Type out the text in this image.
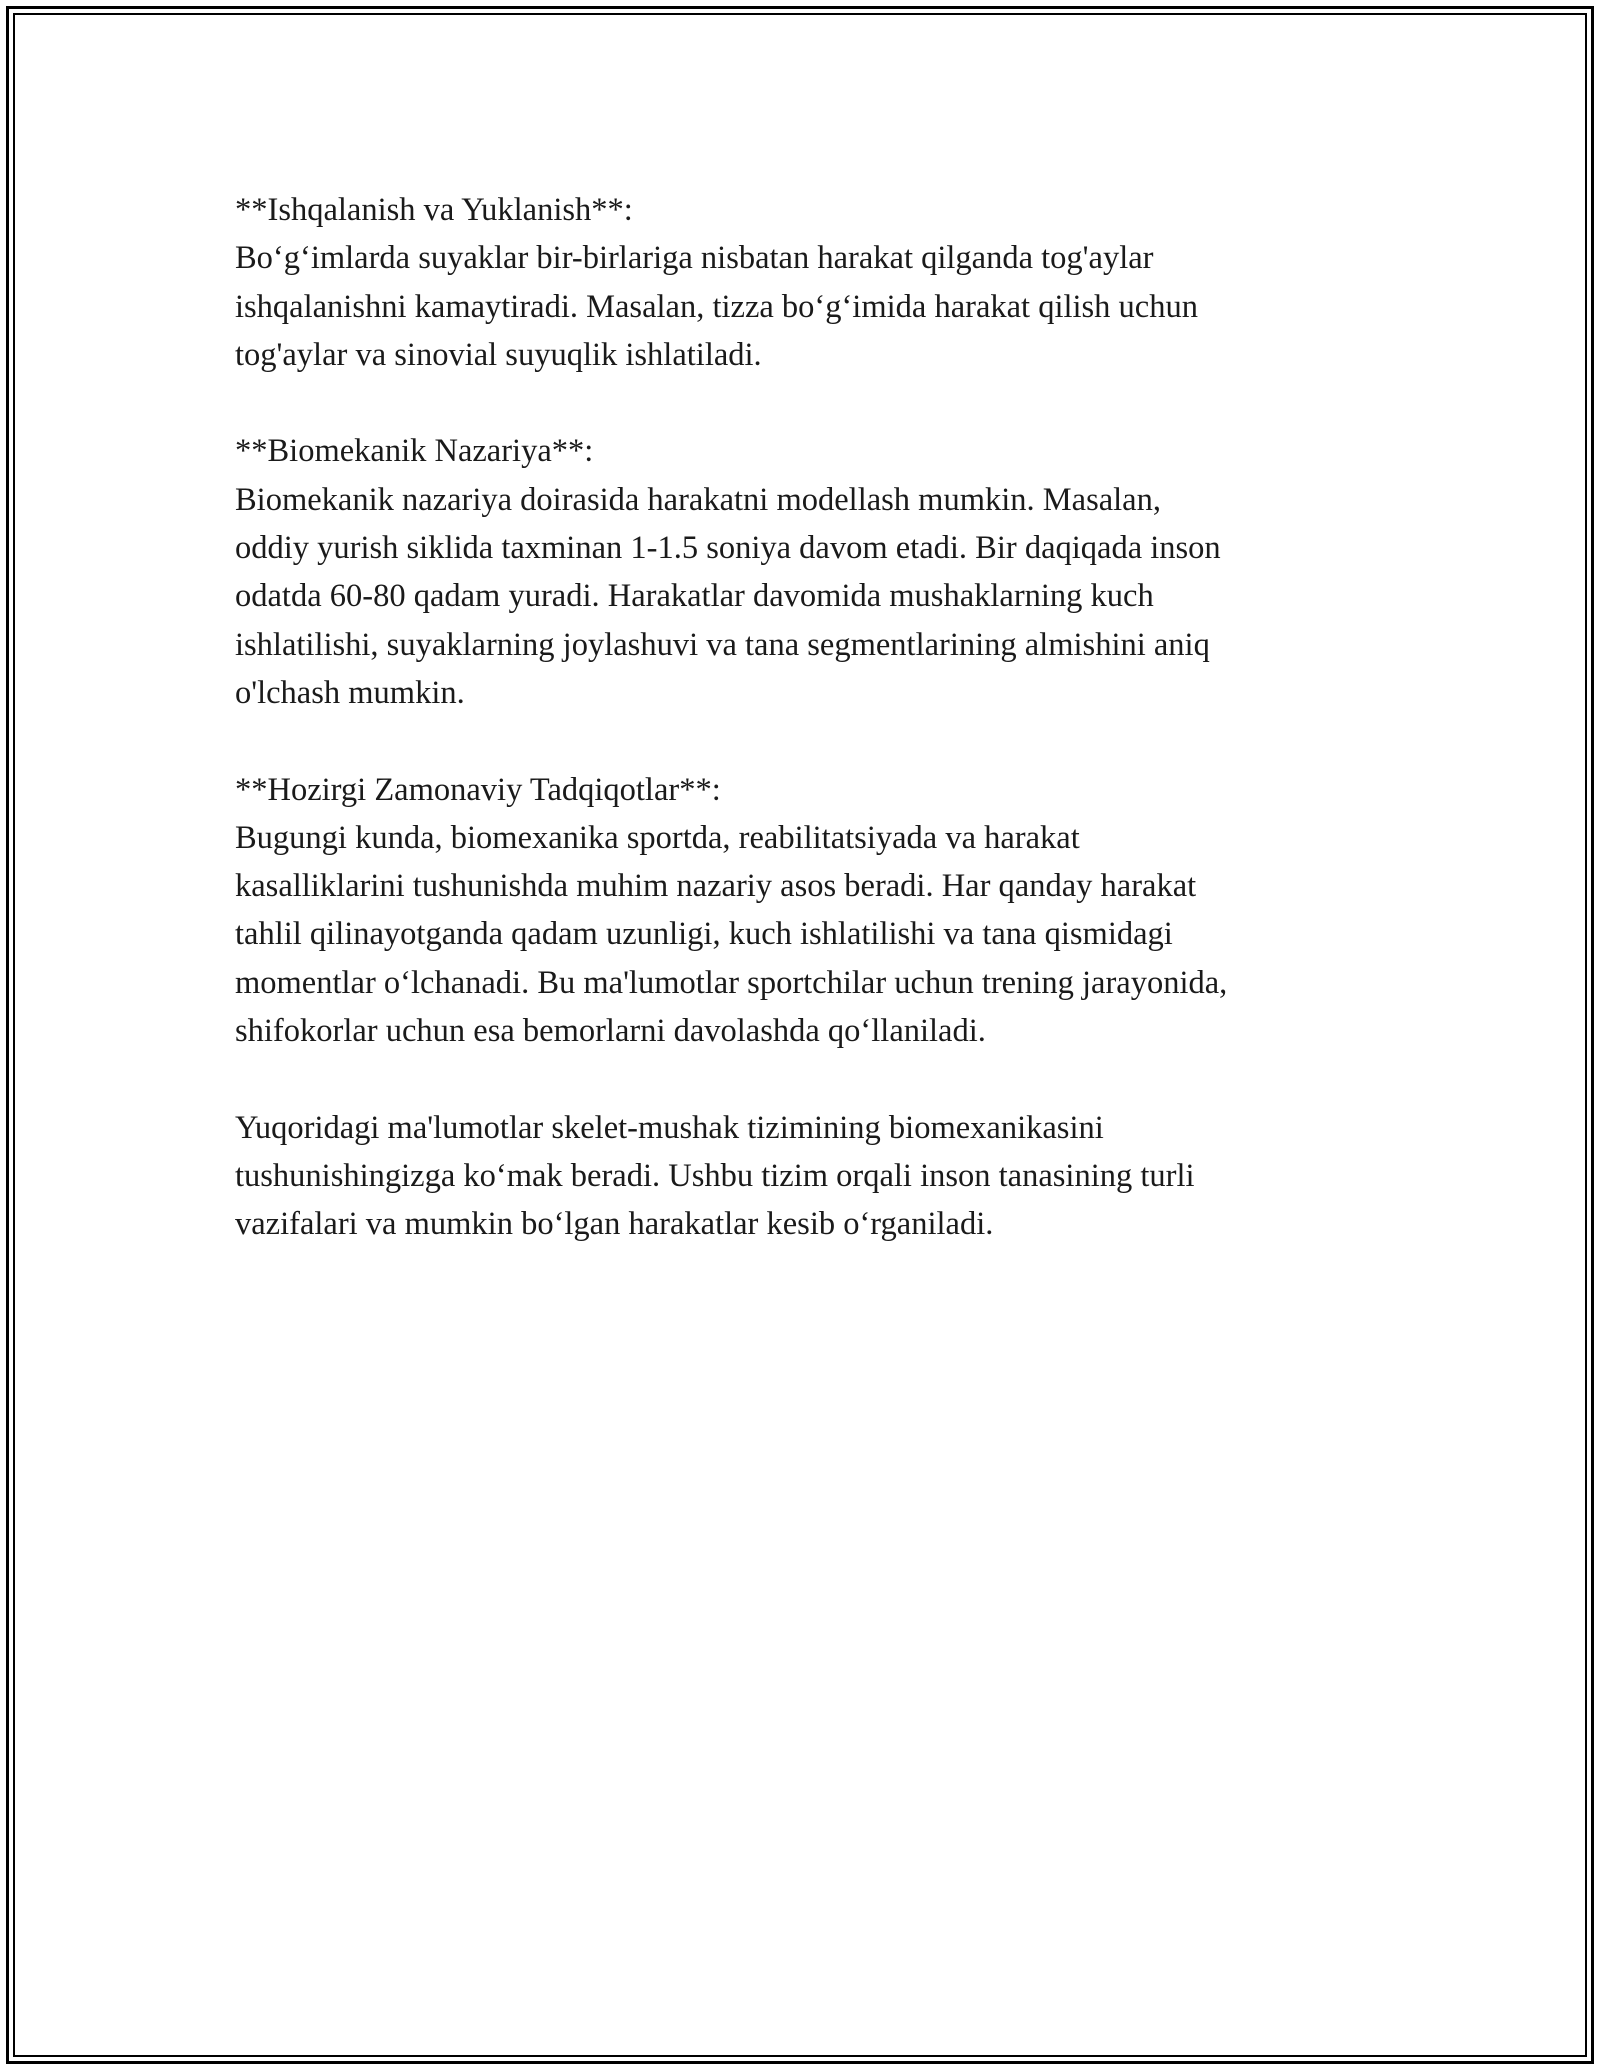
**Ishqalanish va Yuklanish**:

Bo‘g‘imlarda suyaklar bir-birlariga nisbatan harakat qilganda tog'aylar
ishqalanishni kamaytiradi. Masalan, tizza bo‘g‘imida harakat qilish uchun
tog'aylar va sinovial suyuqlik ishlatiladi.

**Biomekanik Nazariya**:

Biomekanik nazariya doirasida harakatni modellash mumkin. Masalan,
oddiy yurish siklida taxminan 1-1.5 soniya davom etadi. Bir daqiqada inson
odatda 60-80 qadam yuradi. Harakatlar davomida mushaklarning kuch
ishlatilishi, suyaklarning joylashuvi va tana segmentlarining almishini aniq
o'lchash mumkin.

**Hozirgi Zamonaviy Tadqiqotlar**:

Bugungi kunda, biomexanika sportda, reabilitatsiyada va harakat
kasalliklarini tushunishda muhim nazariy asos beradi. Har qanday harakat
tahlil qilinayotganda qadam uzunligi, kuch ishlatilishi va tana qismidagi
momentlar o‘lchanadi. Bu ma'lumotlar sportchilar uchun trening jarayonida,
shifokorlar uchun esa bemorlarni davolashda qo‘llaniladi.

Yuqoridagi ma'lumotlar skelet-mushak tizimining biomexanikasini
tushunishingizga ko‘mak beradi. Ushbu tizim orqali inson tanasining turli
vazifalari va mumkin bo‘lgan harakatlar kesib o‘rganiladi.
